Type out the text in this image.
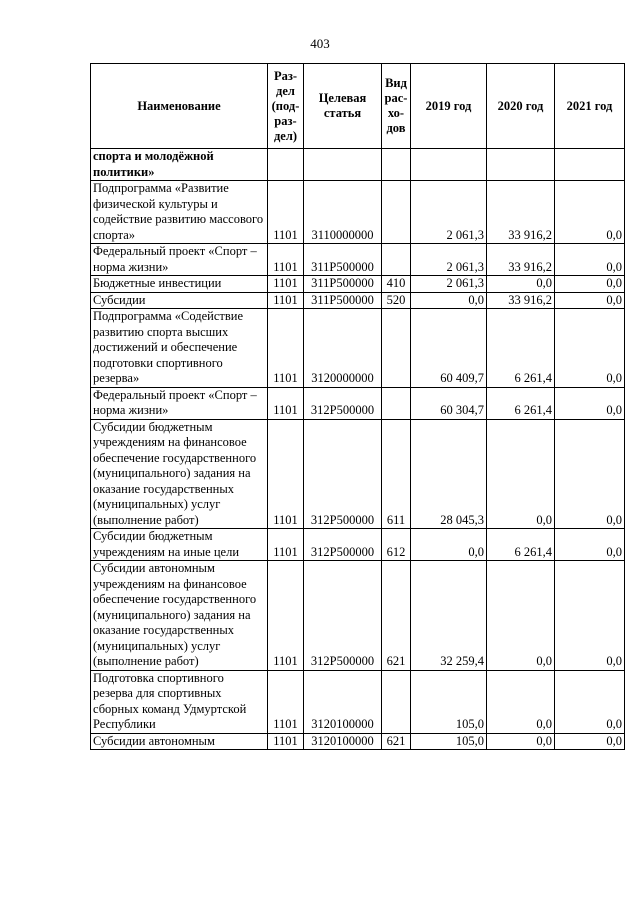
403
Наименование	Раз- дел (под- раз- дел)	Целевая статья	Вид рас- хо- дов	2019 год	2020 год	2021 год
спорта и молодёжной политики»						
Подпрограмма «Развитие физической культуры и содействие развитию массового спорта»	1101	3110000000		2 061,3	33 916,2	0,0
Федеральный проект «Спорт – норма жизни»	1101	311P500000		2 061,3	33 916,2	0,0
Бюджетные инвестиции	1101	311P500000	410	2 061,3	0,0	0,0
Субсидии	1101	311P500000	520	0,0	33 916,2	0,0
Подпрограмма «Содействие развитию спорта высших достижений и обеспечение подготовки спортивного резерва»	1101	3120000000		60 409,7	6 261,4	0,0
Федеральный проект «Спорт – норма жизни»	1101	312P500000		60 304,7	6 261,4	0,0
Субсидии бюджетным учреждениям на финансовое обеспечение государственного (муниципального) задания на оказание государственных (муниципальных) услуг (выполнение работ)	1101	312P500000	611	28 045,3	0,0	0,0
Субсидии бюджетным учреждениям на иные цели	1101	312P500000	612	0,0	6 261,4	0,0
Субсидии автономным учреждениям на финансовое обеспечение государственного (муниципального) задания на оказание государственных (муниципальных) услуг (выполнение работ)	1101	312P500000	621	32 259,4	0,0	0,0
Подготовка спортивного резерва для спортивных сборных команд Удмуртской Республики	1101	3120100000		105,0	0,0	0,0
Субсидии автономным	1101	3120100000	621	105,0	0,0	0,0
